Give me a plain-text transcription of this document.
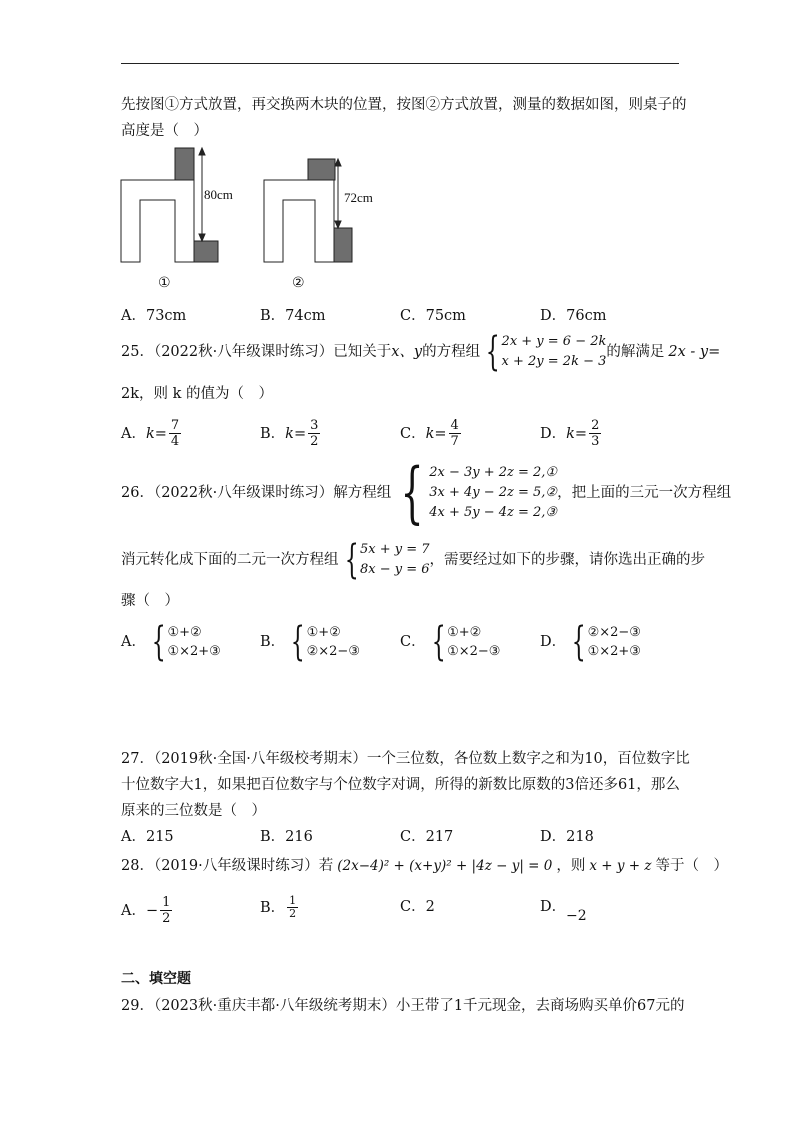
先按图①方式放置，再交换两木块的位置，按图②方式放置，测量的数据如图，则桌子的
高度是（　）
80cm
①
72cm
②
A．73cm	B．74cm	C．75cm	D．76cm
25．（2022秋·八年级课时练习）已知关于 x、y 的方程组 { 2x + y = 6 − 2k
x + 2y = 2k − 3
的解满足 2x - y=
2k，则 k 的值为（　）
A． $k= \frac{7}{4}$	B． $k= \frac{3}{2}$	C． $k= \frac{4}{7}$	D． $k= \frac{2}{3}$
26．（2022秋·八年级课时练习）解方程组 { 2x − 3y + 2z = 2,①
3x + 4y − 2z = 5,②
4x + 5y − 4z = 2,③
，把上面的三元一次方程组
消元转化成下面的二元一次方程组 { 5x + y = 7
8x − y = 6
，需要经过如下的步骤，请你选出正确的步
骤（　）
A． { ①+②
①×2+③
B． { ①+②
②×2−③
C． { ①+②
①×2−③
D． { ②×2−③
①×2+③
27．（2019秋·全国·八年级校考期末）一个三位数，各位数上数字之和为10，百位数字比
十位数字大1，如果把百位数字与个位数字对调，所得的新数比原数的3倍还多61，那么
原来的三位数是（　）
A．215	B．216	C．217	D．218
28．（2019·八年级课时练习）若 (2x−4)² + (x+y)² + |4z − y| = 0 ，则 x + y + z 等于（　）
A． − $\frac{1}{2}$	B． $\frac{1}{2}$	C．2	D．
−2
二、填空题
29．（2023秋·重庆丰都·八年级统考期末）小王带了1千元现金，去商场购买单价67元的
